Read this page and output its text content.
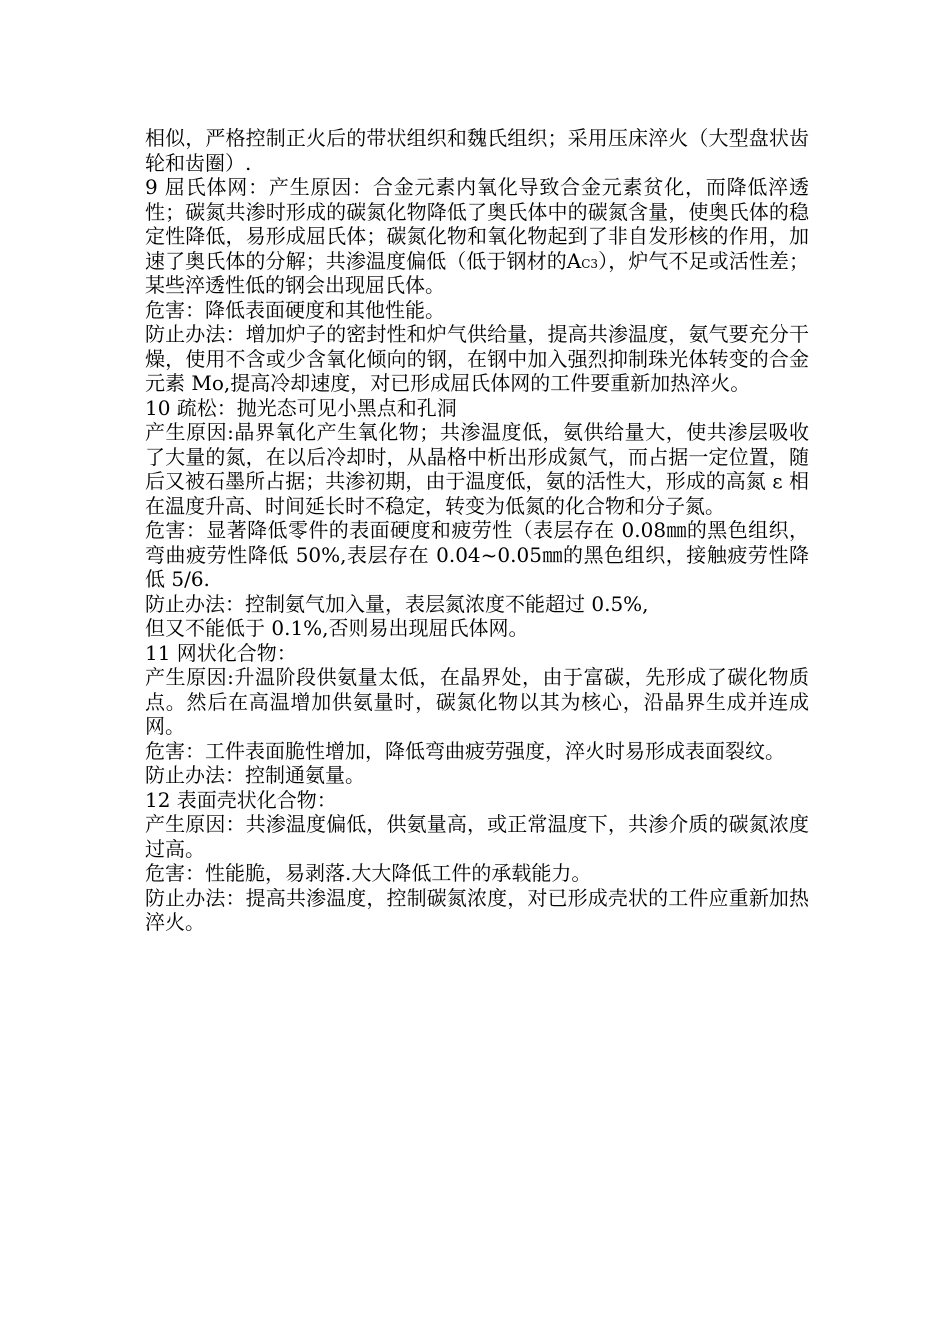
相似，严格控制正火后的带状组织和魏氏组织；采用压床淬火（大型盘状齿轮和齿圈）.

9 屈氏体网：产生原因：合金元素内氧化导致合金元素贫化，而降低淬透性；碳氮共渗时形成的碳氮化物降低了奥氏体中的碳氮含量，使奥氏体的稳定性降低，易形成屈氏体；碳氮化物和氧化物起到了非自发形核的作用，加速了奥氏体的分解；共渗温度偏低（低于钢材的AC3），炉气不足或活性差；某些淬透性低的钢会出现屈氏体。

危害：降低表面硬度和其他性能。

防止办法：增加炉子的密封性和炉气供给量，提高共渗温度，氨气要充分干燥，使用不含或少含氧化倾向的钢，在钢中加入强烈抑制珠光体转变的合金元素 Mo,提高冷却速度，对已形成屈氏体网的工件要重新加热淬火。

10 疏松：抛光态可见小黑点和孔洞

产生原因:晶界氧化产生氧化物；共渗温度低，氨供给量大，使共渗层吸收了大量的氮，在以后冷却时，从晶格中析出形成氮气，而占据一定位置，随后又被石墨所占据；共渗初期，由于温度低，氨的活性大，形成的高氮 ε 相在温度升高、时间延长时不稳定，转变为低氮的化合物和分子氮。

危害：显著降低零件的表面硬度和疲劳性（表层存在 0.08㎜的黑色组织，弯曲疲劳性降低 50%,表层存在 0.04~0.05㎜的黑色组织，接触疲劳性降低 5/6.

防止办法：控制氨气加入量，表层氮浓度不能超过 0.5%,

但又不能低于 0.1%,否则易出现屈氏体网。

11 网状化合物：

产生原因:升温阶段供氨量太低，在晶界处，由于富碳，先形成了碳化物质点。然后在高温增加供氨量时，碳氮化物以其为核心，沿晶界生成并连成网。

危害：工件表面脆性增加，降低弯曲疲劳强度，淬火时易形成表面裂纹。

防止办法：控制通氨量。

12 表面壳状化合物：

产生原因：共渗温度偏低，供氨量高，或正常温度下，共渗介质的碳氮浓度过高。

危害：性能脆，易剥落.大大降低工件的承载能力。

防止办法：提高共渗温度，控制碳氮浓度，对已形成壳状的工件应重新加热淬火。
